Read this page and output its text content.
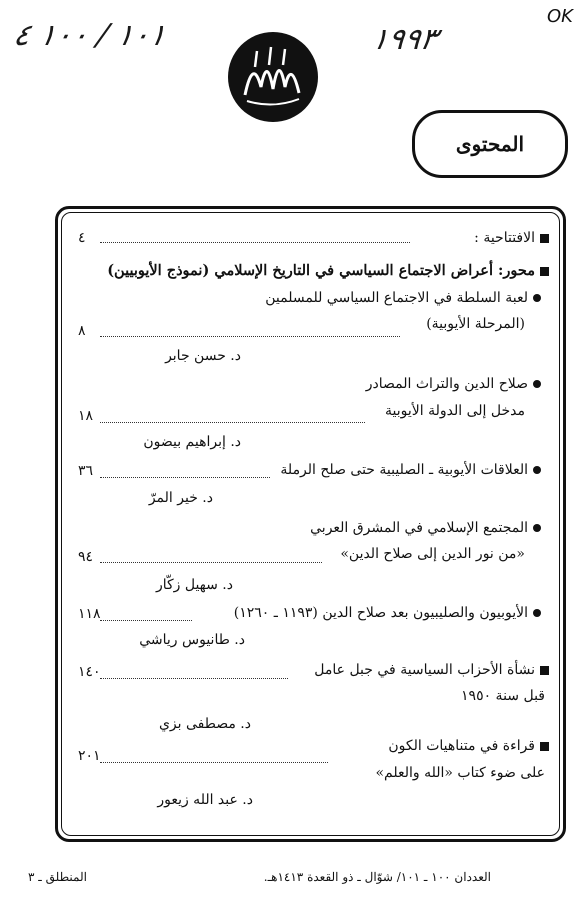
١٠١ / ١٠٠ ٤	١٩٩٣
OK
المحتوى
الافتتاحية :
٤
محور: أعراض الاجتماع السياسي في التاريخ الإسلامي (نموذج الأيوبيين)
لعبة السلطة في الاجتماع السياسي للمسلمين
(المرحلة الأيوبية)
٨
د. حسن جابر
صلاح الدين والتراث المصادر
مدخل إلى الدولة الأيوبية
١٨
د. إبراهيم بيضون
العلاقات الأيوبية ـ الصليبية حتى صلح الرملة
٣٦
د. خير المرّ
المجتمع الإسلامي في المشرق العربي
«من نور الدين إلى صلاح الدين»
٩٤
د. سهيل زكّار
الأيوبيون والصليبيون بعد صلاح الدين (١١٩٣ ـ ١٢٦٠)
١١٨
د. طانيوس رياشي
نشأة الأحزاب السياسية في جبل عامل
١٤٠
قبل سنة ١٩٥٠
د. مصطفى بزي
قراءة في متناهيات الكون
٢٠١
على ضوء كتاب «الله والعلم»
د. عبد الله زيعور
العددان ١٠٠ ـ ١٠١/ شوّال ـ ذو القعدة ١٤١٣هـ.
المنطلق ـ ٣
